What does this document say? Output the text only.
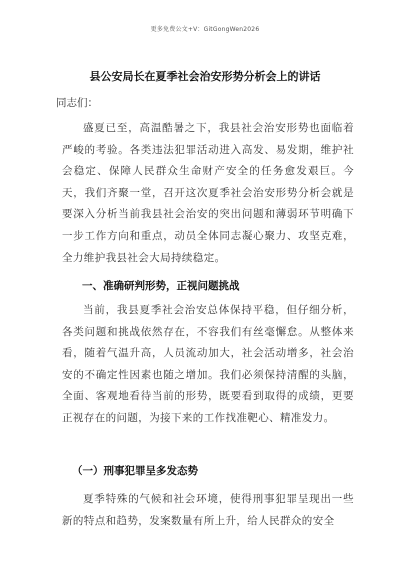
更多免费公文+V：GitGongWen2026
县公安局长在夏季社会治安形势分析会上的讲话
同志们：
盛夏已至，高温酷暑之下，我县社会治安形势也面临着严峻的考验。各类违法犯罪活动进入高发、易发期，维护社会稳定、保障人民群众生命财产安全的任务愈发艰巨。今天，我们齐聚一堂，召开这次夏季社会治安形势分析会就是要深入分析当前我县社会治安的突出问题和薄弱环节明确下一步工作方向和重点，动员全体同志凝心聚力、攻坚克难，全力维护我县社会大局持续稳定。
一、准确研判形势，正视问题挑战
当前，我县夏季社会治安总体保持平稳，但仔细分析，各类问题和挑战依然存在，不容我们有丝毫懈怠。从整体来看，随着气温升高，人员流动加大，社会活动增多，社会治安的不确定性因素也随之增加。我们必须保持清醒的头脑，全面、客观地看待当前的形势，既要看到取得的成绩，更要正视存在的问题，为接下来的工作找准靶心、精准发力。
（一）刑事犯罪呈多发态势
夏季特殊的气候和社会环境，使得刑事犯罪呈现出一些新的特点和趋势，发案数量有所上升，给人民群众的安全
